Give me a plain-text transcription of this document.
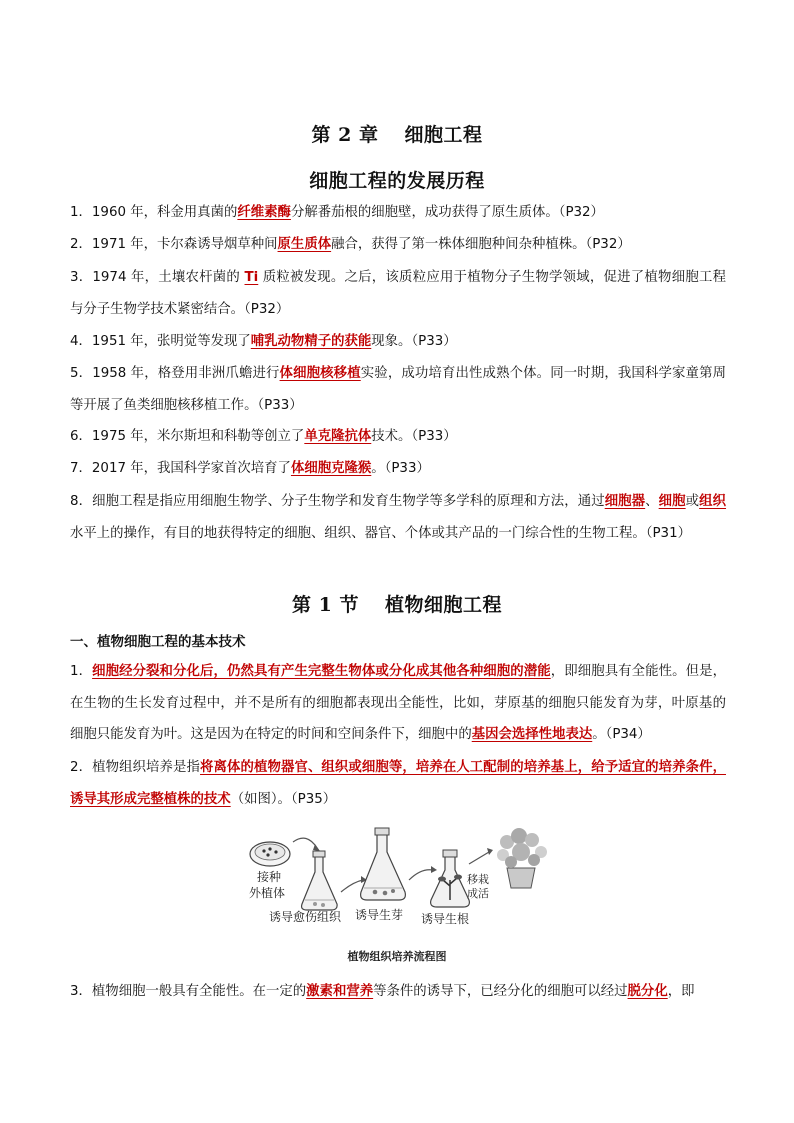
第 2 章 细胞工程
细胞工程的发展历程

1．1960 年，科金用真菌的纤维素酶分解番茄根的细胞壁，成功获得了原生质体。（P32）

2．1971 年，卡尔森诱导烟草种间原生质体融合，获得了第一株体细胞种间杂种植株。（P32）

3．1974 年，土壤农杆菌的 Ti 质粒被发现。之后，该质粒应用于植物分子生物学领域，促进了植物细胞工程与分子生物学技术紧密结合。（P32）

4．1951 年，张明觉等发现了哺乳动物精子的获能现象。（P33）

5．1958 年，格登用非洲爪蟾进行体细胞核移植实验，成功培育出性成熟个体。同一时期，我国科学家童第周等开展了鱼类细胞核移植工作。（P33）

6．1975 年，米尔斯坦和科勒等创立了单克隆抗体技术。（P33）

7．2017 年，我国科学家首次培育了体细胞克隆猴。（P33）

8．细胞工程是指应用细胞生物学、分子生物学和发育生物学等多学科的原理和方法，通过细胞器、细胞或组织水平上的操作，有目的地获得特定的细胞、组织、器官、个体或其产品的一门综合性的生物工程。（P31）

第 1 节 植物细胞工程
一、植物细胞工程的基本技术

1．细胞经分裂和分化后，仍然具有产生完整生物体或分化成其他各种细胞的潜能，即细胞具有全能性。但是，在生物的生长发育过程中，并不是所有的细胞都表现出全能性，比如，芽原基的细胞只能发育为芽，叶原基的细胞只能发育为叶。这是因为在特定的时间和空间条件下，细胞中的基因会选择性地表达。（P34）

2．植物组织培养是指将离体的植物器官、组织或细胞等，培养在人工配制的培养基上，给予适宜的培养条件，诱导其形成完整植株的技术（如图）。（P35）

接种
外植体
诱导愈伤组织 诱导生芽 诱导生根
移栽
成活
植物组织培养流程图

3．植物细胞一般具有全能性。在一定的激素和营养等条件的诱导下，已经分化的细胞可以经过脱分化，即
